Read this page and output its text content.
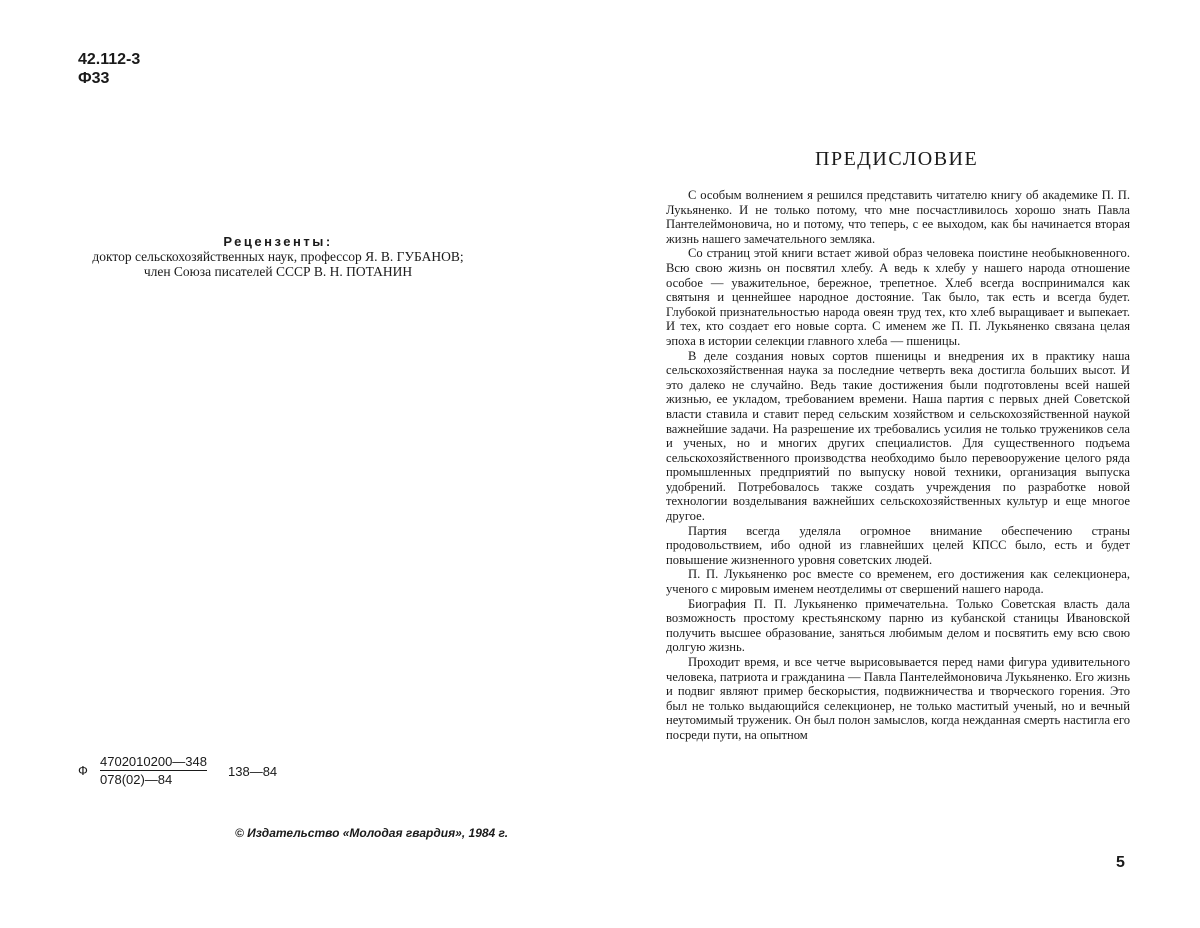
42.112-3
Ф33
Рецензенты:
доктор сельскохозяйственных наук, профессор Я. В. ГУБАНОВ;
член Союза писателей СССР В. Н. ПОТАНИН
Ф
4702010200—348
078(02)—84
138—84
© Издательство «Молодая гвардия», 1984 г.
ПРЕДИСЛОВИЕ

С особым волнением я решился представить читателю книгу об академике П. П. Лукьяненко. И не только потому, что мне посчастливилось хорошо знать Павла Пантелеймоновича, но и потому, что теперь, с ее выходом, как бы начинается вторая жизнь нашего замечательного земляка.

Со страниц этой книги встает живой образ человека поистине необыкновенного. Всю свою жизнь он посвятил хлебу. А ведь к хлебу у нашего народа отношение особое — уважительное, бережное, трепетное. Хлеб всегда воспринимался как святыня и ценнейшее народное достояние. Так было, так есть и всегда будет. Глубокой признательностью народа овеян труд тех, кто хлеб выращивает и выпекает. И тех, кто создает его новые сорта. С именем же П. П. Лукьяненко связана целая эпоха в истории селекции главного хлеба — пшеницы.

В деле создания новых сортов пшеницы и внедрения их в практику наша сельскохозяйственная наука за последние четверть века достигла больших высот. И это далеко не случайно. Ведь такие достижения были подготовлены всей нашей жизнью, ее укладом, требованием времени. Наша партия с первых дней Советской власти ставила и ставит перед сельским хозяйством и сельскохозяйственной наукой важнейшие задачи. На разрешение их требовались усилия не только тружеников села и ученых, но и многих других специалистов. Для существенного подъема сельскохозяйственного производства необходимо было перевооружение целого ряда промышленных предприятий по выпуску новой техники, организация выпуска удобрений. Потребовалось также создать учреждения по разработке новой технологии возделывания важнейших сельскохозяйственных культур и еще многое другое.

Партия всегда уделяла огромное внимание обеспечению страны продовольствием, ибо одной из главнейших целей КПСС было, есть и будет повышение жизненного уровня советских людей.

П. П. Лукьяненко рос вместе со временем, его достижения как селекционера, ученого с мировым именем неотделимы от свершений нашего народа.

Биография П. П. Лукьяненко примечательна. Только Советская власть дала возможность простому крестьянскому парню из кубанской станицы Ивановской получить высшее образование, заняться любимым делом и посвятить ему всю свою долгую жизнь.

Проходит время, и все четче вырисовывается перед нами фигура удивительного человека, патриота и гражданина — Павла Пантелеймоновича Лукьяненко. Его жизнь и подвиг являют пример бескорыстия, подвижничества и творческого горения. Это был не только выдающийся селекционер, не только маститый ученый, но и вечный неутомимый труженик. Он был полон замыслов, когда нежданная смерть настигла его посреди пути, на опытном

5
